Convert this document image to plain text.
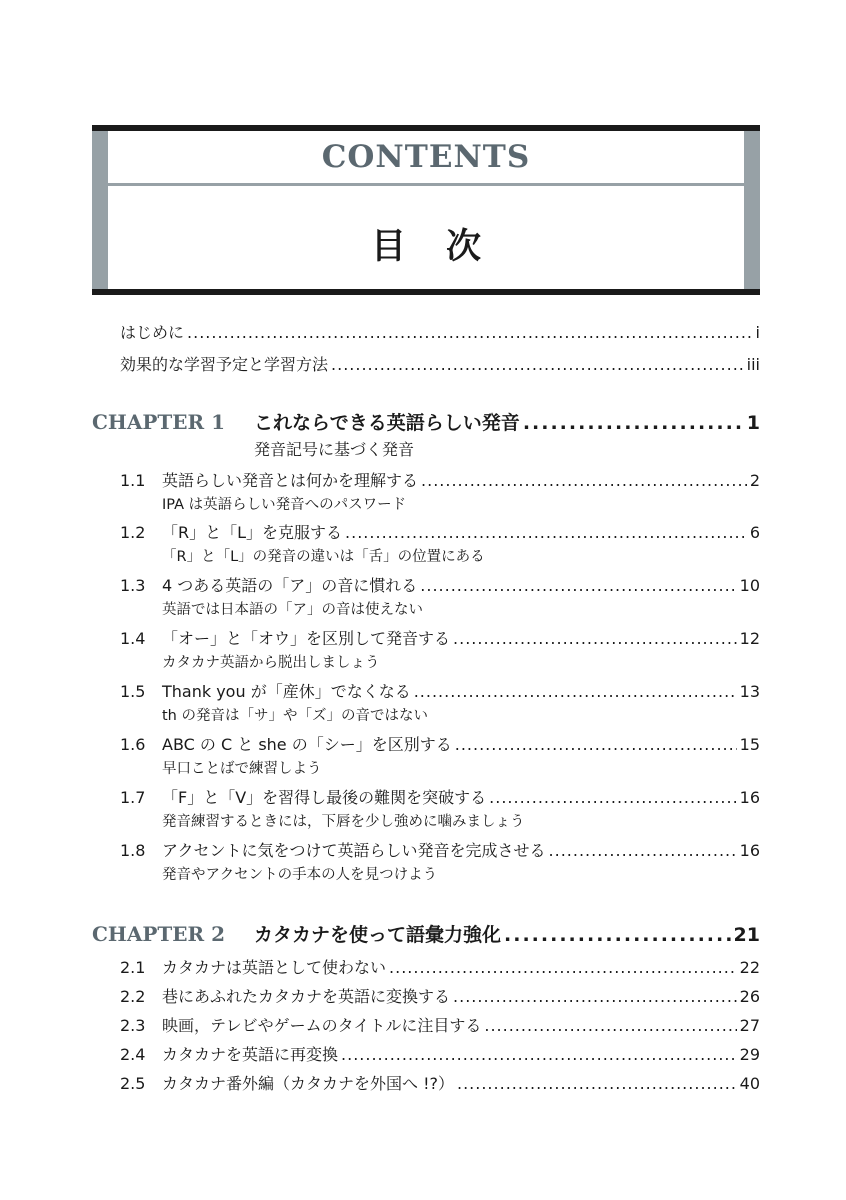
CONTENTS
目次
はじめに .....	i
効果的な学習予定と学習方法 .....	iii
CHAPTER 1	これならできる英語らしい発音 .....	1
発音記号に基づく発音
1.1	英語らしい発音とは何かを理解する .....	2
IPA は英語らしい発音へのパスワード
1.2	「R」と「L」を克服する .....	6
「R」と「L」の発音の違いは「舌」の位置にある
1.3	4 つある英語の「ア」の音に慣れる .....	10
英語では日本語の「ア」の音は使えない
1.4	「オー」と「オウ」を区別して発音する .....	12
カタカナ英語から脱出しましょう
1.5	Thank you が「産休」でなくなる .....	13
th の発音は「サ」や「ズ」の音ではない
1.6	ABC の C と she の「シー」を区別する .....	15
早口ことばで練習しよう
1.7	「F」と「V」を習得し最後の難関を突破する .....	16
発音練習するときには，下唇を少し強めに噛みましょう
1.8	アクセントに気をつけて英語らしい発音を完成させる .....	16
発音やアクセントの手本の人を見つけよう
CHAPTER 2	カタカナを使って語彙力強化 .....	21
2.1	カタカナは英語として使わない .....	22
2.2	巷にあふれたカタカナを英語に変換する .....	26
2.3	映画，テレビやゲームのタイトルに注目する .....	27
2.4	カタカナを英語に再変換 .....	29
2.5	カタカナ番外編（カタカナを外国へ !?） .....	40
